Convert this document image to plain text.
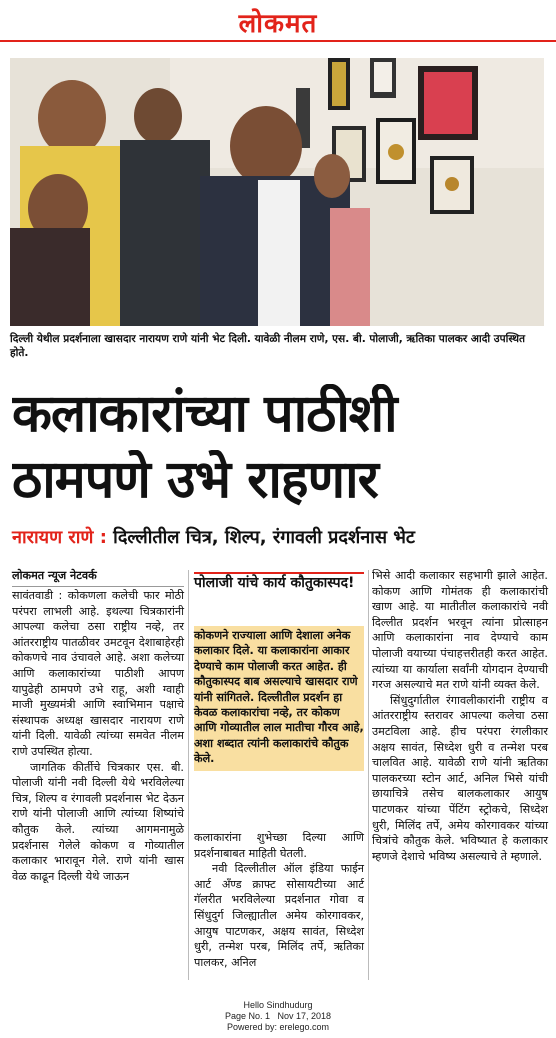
लोकमत
दिल्ली येथील प्रदर्शनाला खासदार नारायण राणे यांनी भेट दिली. यावेळी नीलम राणे, एस. बी. पोलाजी, ऋतिका पालकर आदी उपस्थित होते.
कलाकारांच्या पाठीशी
ठामपणे उभे राहणार
नारायण राणे : दिल्लीतील चित्र, शिल्प, रंगावली प्रदर्शनास भेट
लोकमत न्यूज नेटवर्क

सावंतवाडी : कोकणला कलेची फार मोठी परंपरा लाभली आहे. इथल्या चित्रकारांनी आपल्या कलेचा ठसा राष्ट्रीय नव्हे, तर आंतरराष्ट्रीय पातळीवर उमटवून देशाबाहेरही कोकणचे नाव उंचावले आहे. अशा कलेच्या आणि कलाकारांच्या पाठीशी आपण यापुढेही ठामपणे उभे राहू, अशी ग्वाही माजी मुख्यमंत्री आणि स्वाभिमान पक्षाचे संस्थापक अध्यक्ष खासदार नारायण राणे यांनी दिली. यावेळी त्यांच्या समवेत नीलम राणे उपस्थित होत्या.

जागतिक कीर्तीचे चित्रकार एस. बी. पोलाजी यांनी नवी दिल्ली येथे भरविलेल्या चित्र, शिल्प व रंगावली प्रदर्शनास भेट देऊन राणे यांनी पोलाजी आणि त्यांच्या शिष्यांचे कौतुक केले. त्यांच्या आगमनामुळे प्रदर्शनास गेलेले कोकण व गोव्यातील कलाकार भारावून गेले. राणे यांनी खास वेळ काढून दिल्ली येथे जाऊन

पोलाजी यांचे कार्य कौतुकास्पद!
कोकणने राज्याला आणि देशाला अनेक कलाकार दिले. या कलाकारांना आकार देण्याचे काम पोलाजी करत आहेत. ही कौतुकास्पद बाब असल्याचे खासदार राणे यांनी सांगितले. दिल्लीतील प्रदर्शन हा केवळ कलाकारांचा नव्हे, तर कोकण आणि गोव्यातील लाल मातीचा गौरव आहे, अशा शब्दात त्यांनी कलाकारांचे कौतुक केले.

कलाकारांना शुभेच्छा दिल्या आणि प्रदर्शनाबाबत माहिती घेतली.

नवी दिल्लीतील ऑल इंडिया फाईन आर्ट अँण्ड क्राफ्ट सोसायटीच्या आर्ट गॅलरीत भरविलेल्या प्रदर्शनात गोवा व सिंधुदुर्ग जिल्ह्यातील अमेय कोरगावकर, आयुष पाटणकर, अक्षय सावंत, सिध्देश धुरी, तन्मेश परब, मिलिंद तर्पे, ऋतिका पालकर, अनिल

भिसे आदी कलाकार सहभागी झाले आहेत. कोकण आणि गोमंतक ही कलाकारांची खाण आहे. या मातीतील कलाकारांचे नवी दिल्लीत प्रदर्शन भरवून त्यांना प्रोत्साहन आणि कलाकारांना नाव देण्याचे काम पोलाजी वयाच्या पंचाहत्तरीतही करत आहेत. त्यांच्या या कार्याला सर्वांनी योगदान देण्याची गरज असल्याचे मत राणे यांनी व्यक्त केले.

सिंधुदुर्गातील रंगावलीकारांनी राष्ट्रीय व आंतरराष्ट्रीय स्तरावर आपल्या कलेचा ठसा उमटविला आहे. हीच परंपरा रंगलीकार अक्षय सावंत, सिध्देश धुरी व तन्मेश परब चालवित आहे. यावेळी राणे यांनी ऋतिका पालकरच्या स्टोन आर्ट, अनिल भिसे यांची छायाचित्रे तसेच बालकलाकार आयुष पाटणकर यांच्या पेंटिंग स्ट्रोकचे, सिध्देश धुरी, मिलिंद तर्पे, अमेय कोरगावकर यांच्या चित्रांचे कौतुक केले. भविष्यात हे कलाकार म्हणजे देशाचे भविष्य असल्याचे ते म्हणाले.

Hello Sindhudurg
Page No. 1   Nov 17, 2018
Powered by: erelego.com
